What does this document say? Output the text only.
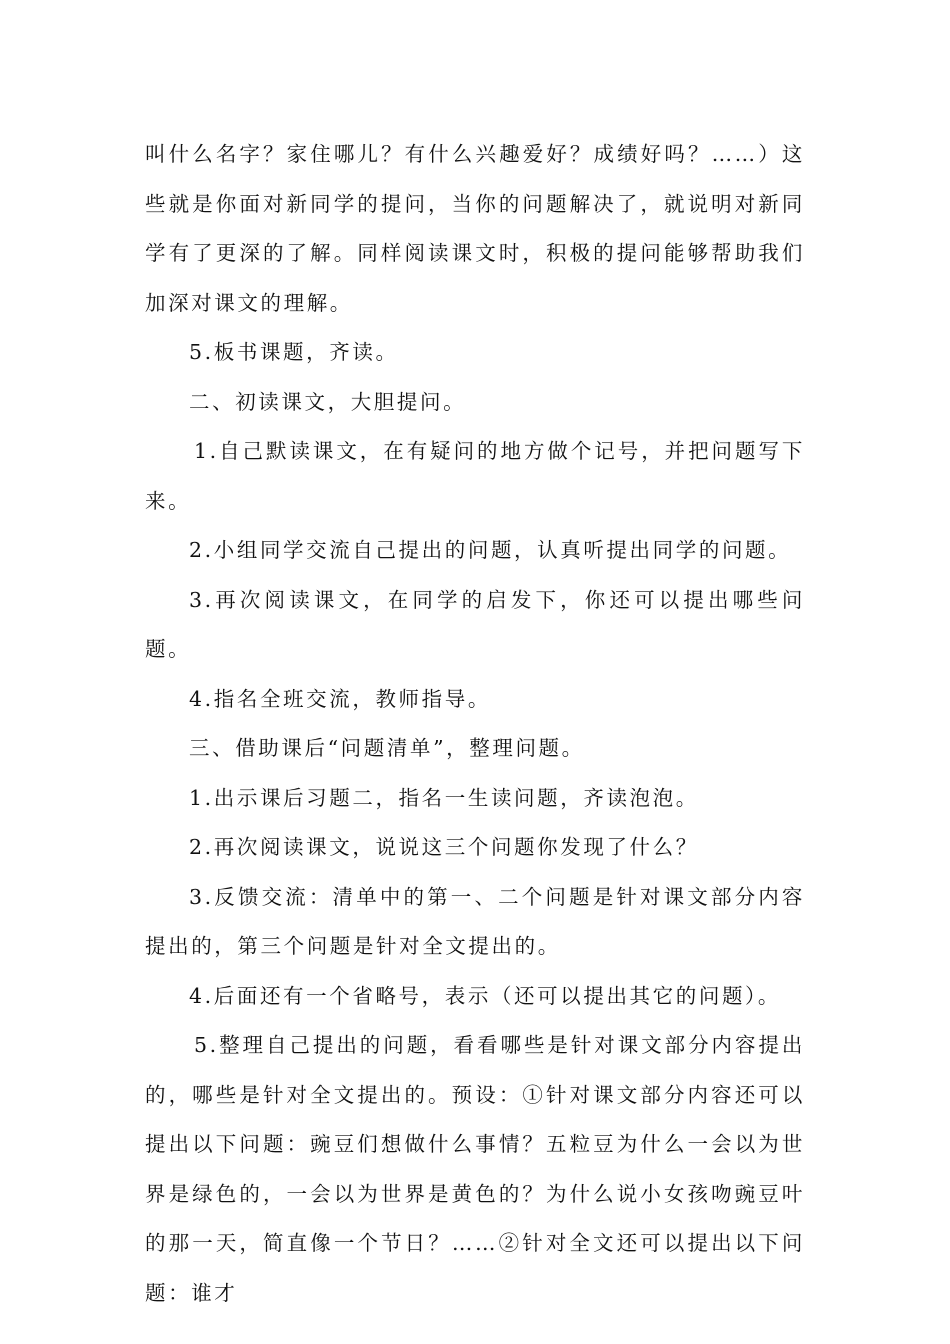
叫什么名字？家住哪儿？有什么兴趣爱好？成绩好吗？……）这些就是你面对新同学的提问，当你的问题解决了，就说明对新同学有了更深的了解。同样阅读课文时，积极的提问能够帮助我们加深对课文的理解。

5.板书课题，齐读。

二、初读课文，大胆提问。

1.自己默读课文，在有疑问的地方做个记号，并把问题写下来。

2.小组同学交流自己提出的问题，认真听提出同学的问题。

3.再次阅读课文，在同学的启发下，你还可以提出哪些问题。

4.指名全班交流，教师指导。

三、借助课后“问题清单”，整理问题。

1.出示课后习题二，指名一生读问题，齐读泡泡。

2.再次阅读课文，说说这三个问题你发现了什么？

3.反馈交流：清单中的第一、二个问题是针对课文部分内容提出的，第三个问题是针对全文提出的。

4.后面还有一个省略号，表示（还可以提出其它的问题）。

5.整理自己提出的问题，看看哪些是针对课文部分内容提出的，哪些是针对全文提出的。预设：①针对课文部分内容还可以提出以下问题：豌豆们想做什么事情？五粒豆为什么一会以为世界是绿色的，一会以为世界是黄色的？为什么说小女孩吻豌豆叶的那一天，简直像一个节日？……②针对全文还可以提出以下问题：谁才
